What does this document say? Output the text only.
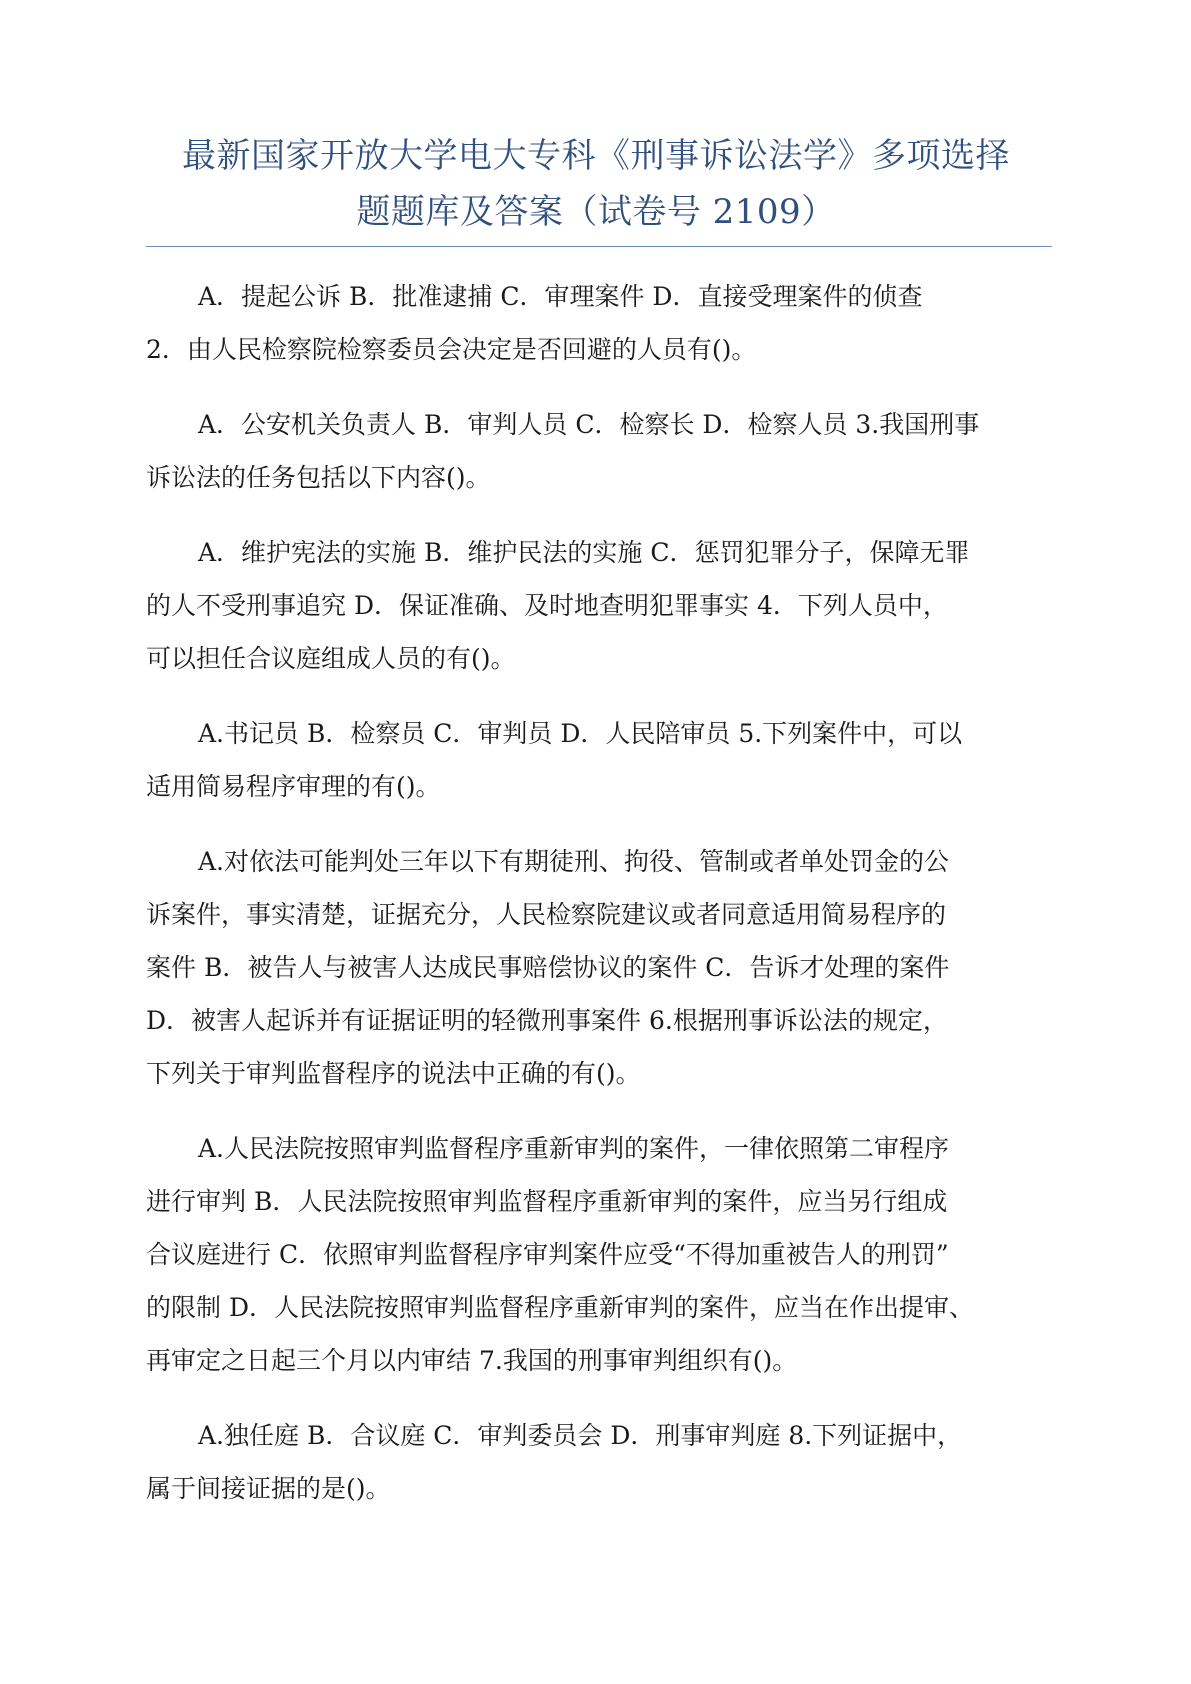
最新国家开放大学电大专科《刑事诉讼法学》多项选择
题题库及答案（试卷号 2109）
A．提起公诉 B．批准逮捕 C．审理案件 D．直接受理案件的侦查
2．由人民检察院检察委员会决定是否回避的人员有()。
A．公安机关负责人 B．审判人员 C．检察长 D．检察人员 3.我国刑事
诉讼法的任务包括以下内容()。
A．维护宪法的实施 B．维护民法的实施 C．惩罚犯罪分子，保障无罪
的人不受刑事追究 D．保证准确、及时地查明犯罪事实 4．下列人员中，
可以担任合议庭组成人员的有()。
A.书记员 B．检察员 C．审判员 D．人民陪审员 5.下列案件中，可以
适用简易程序审理的有()。
A.对依法可能判处三年以下有期徒刑、拘役、管制或者单处罚金的公
诉案件，事实清楚，证据充分，人民检察院建议或者同意适用简易程序的
案件 B．被告人与被害人达成民事赔偿协议的案件 C．告诉才处理的案件
D．被害人起诉并有证据证明的轻微刑事案件 6.根据刑事诉讼法的规定，
下列关于审判监督程序的说法中正确的有()。
A.人民法院按照审判监督程序重新审判的案件，一律依照第二审程序
进行审判 B．人民法院按照审判监督程序重新审判的案件，应当另行组成
合议庭进行 C．依照审判监督程序审判案件应受“不得加重被告人的刑罚”
的限制 D．人民法院按照审判监督程序重新审判的案件，应当在作出提审、
再审定之日起三个月以内审结 7.我国的刑事审判组织有()。
A.独任庭 B．合议庭 C．审判委员会 D．刑事审判庭 8.下列证据中，
属于间接证据的是()。
